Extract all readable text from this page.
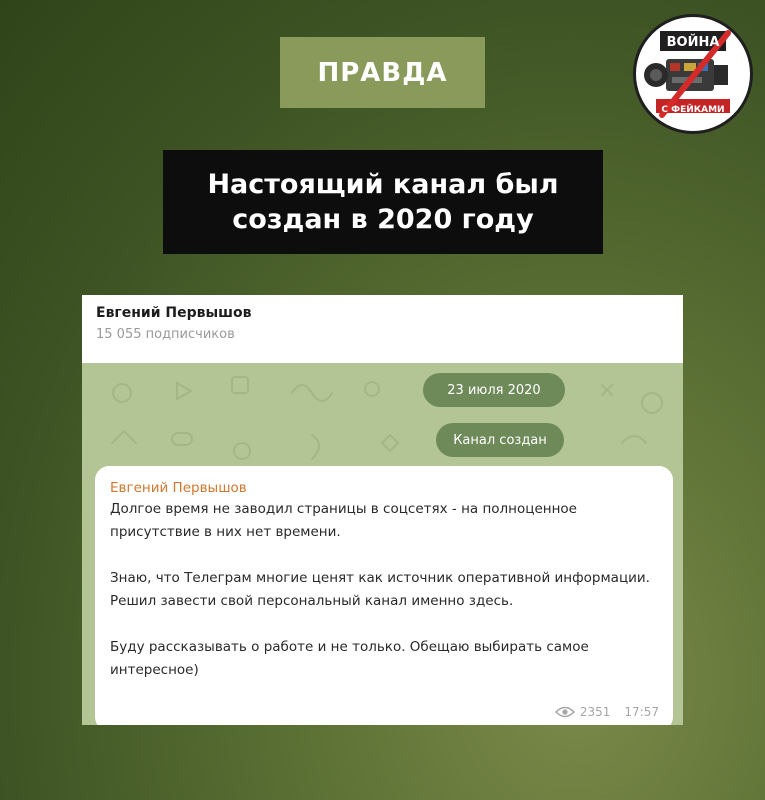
ПРАВДА
ВОЙНА
С ФЕЙКАМИ
Настоящий канал был создан в 2020 году
Евгений Первышов
15 055 подписчиков
23 июля 2020
Канал создан
Евгений Первышов
Долгое время не заводил страницы в соцсетях - на полноценное присутствие в них нет времени.

Знаю, что Телеграм многие ценят как источник оперативной информации. Решил завести свой персональный канал именно здесь.

Буду рассказывать о работе и не только. Обещаю выбирать самое интересное)
2351 17:57
